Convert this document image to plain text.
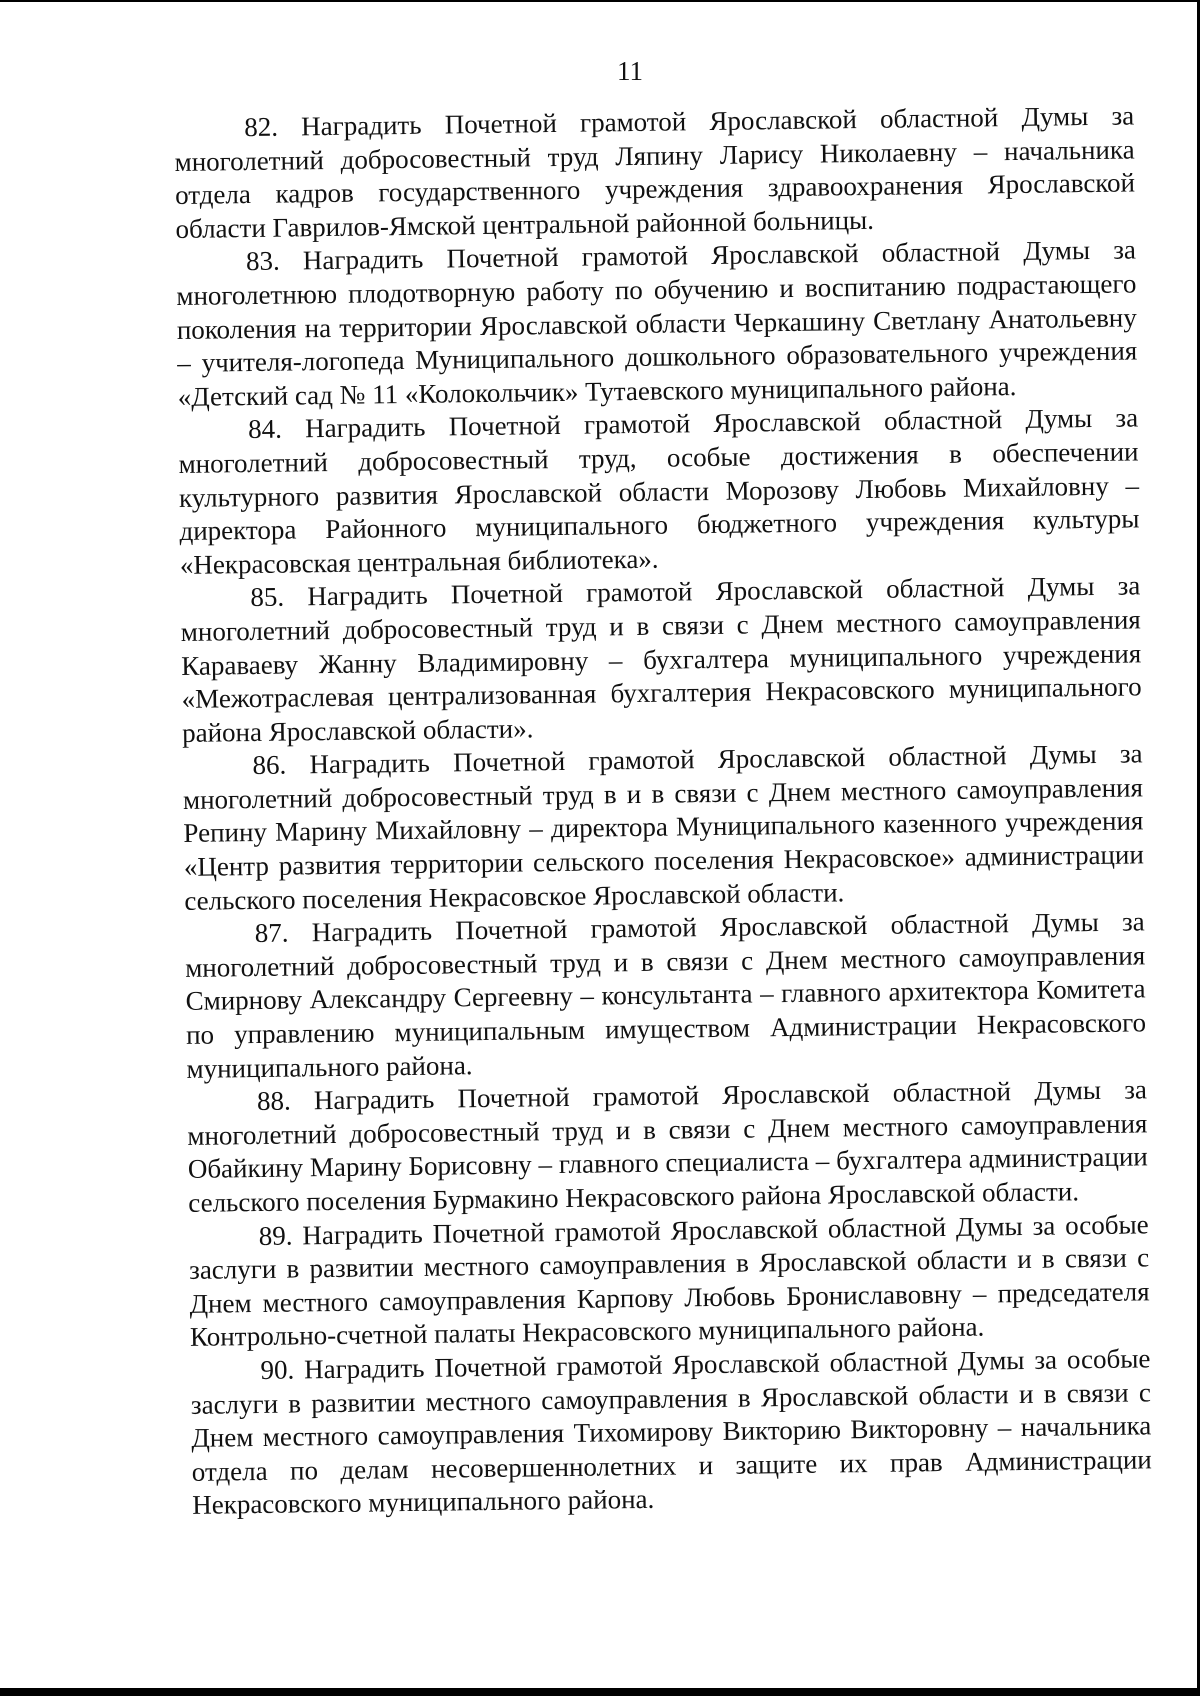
11

82. Наградить Почетной грамотой Ярославской областной Думы за многолетний добросовестный труд Ляпину Ларису Николаевну – начальника отдела кадров государственного учреждения здравоохранения Ярославской области Гаврилов-Ямской центральной районной больницы.

83. Наградить Почетной грамотой Ярославской областной Думы за многолетнюю плодотворную работу по обучению и воспитанию подрастающего поколения на территории Ярославской области Черкашину Светлану Анатольевну – учителя-логопеда Муниципального дошкольного образовательного учреждения «Детский сад № 11 «Колокольчик» Тутаевского муниципального района.

84. Наградить Почетной грамотой Ярославской областной Думы за многолетний добросовестный труд, особые достижения в обеспечении культурного развития Ярославской области Морозову Любовь Михайловну – директора Районного муниципального бюджетного учреждения культуры «Некрасовская центральная библиотека».

85. Наградить Почетной грамотой Ярославской областной Думы за многолетний добросовестный труд и в связи с Днем местного самоуправления Караваеву Жанну Владимировну – бухгалтера муниципального учреждения «Межотраслевая централизованная бухгалтерия Некрасовского муниципального района Ярославской области».

86. Наградить Почетной грамотой Ярославской областной Думы за многолетний добросовестный труд в и в связи с Днем местного самоуправления Репину Марину Михайловну – директора Муниципального казенного учреждения «Центр развития территории сельского поселения Некрасовское» администрации сельского поселения Некрасовское Ярославской области.

87. Наградить Почетной грамотой Ярославской областной Думы за многолетний добросовестный труд и в связи с Днем местного самоуправления Смирнову Александру Сергеевну – консультанта – главного архитектора Комитета по управлению муниципальным имуществом Администрации Некрасовского муниципального района.

88. Наградить Почетной грамотой Ярославской областной Думы за многолетний добросовестный труд и в связи с Днем местного самоуправления Обайкину Марину Борисовну – главного специалиста – бухгалтера администрации сельского поселения Бурмакино Некрасовского района Ярославской области.

89. Наградить Почетной грамотой Ярославской областной Думы за особые заслуги в развитии местного самоуправления в Ярославской области и в связи с Днем местного самоуправления Карпову Любовь Брониславовну – председателя Контрольно-счетной палаты Некрасовского муниципального района.

90. Наградить Почетной грамотой Ярославской областной Думы за особые заслуги в развитии местного самоуправления в Ярославской области и в связи с Днем местного самоуправления Тихомирову Викторию Викторовну – начальника отдела по делам несовершеннолетних и защите их прав Администрации Некрасовского муниципального района.
